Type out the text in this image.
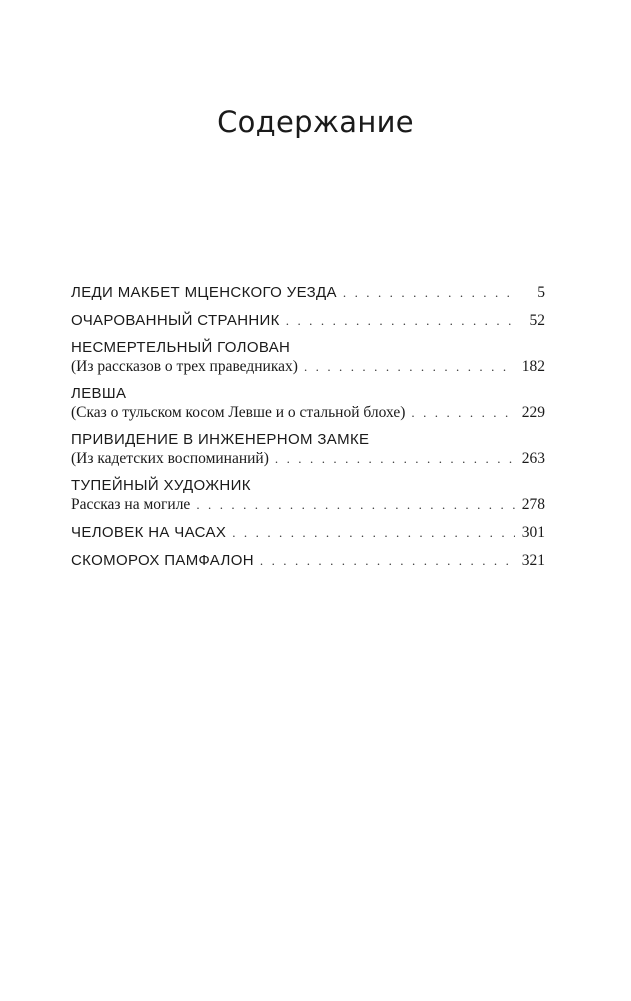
Содержание
ЛЕДИ МАКБЕТ МЦЕНСКОГО УЕЗДА . . .	5
ОЧАРОВАННЫЙ СТРАННИК . . .	52
НЕСМЕРТЕЛЬНЫЙ ГОЛОВАН
(Из рассказов о трех праведниках) . . .	182
ЛЕВША
(Сказ о тульском косом Левше и о стальной блохе) . . .	229
ПРИВИДЕНИЕ В ИНЖЕНЕРНОМ ЗАМКЕ
(Из кадетских воспоминаний) . . .	263
ТУПЕЙНЫЙ ХУДОЖНИК
Рассказ на могиле . . .	278
ЧЕЛОВЕК НА ЧАСАХ . . .	301
СКОМОРОХ ПАМФАЛОН . . .	321
